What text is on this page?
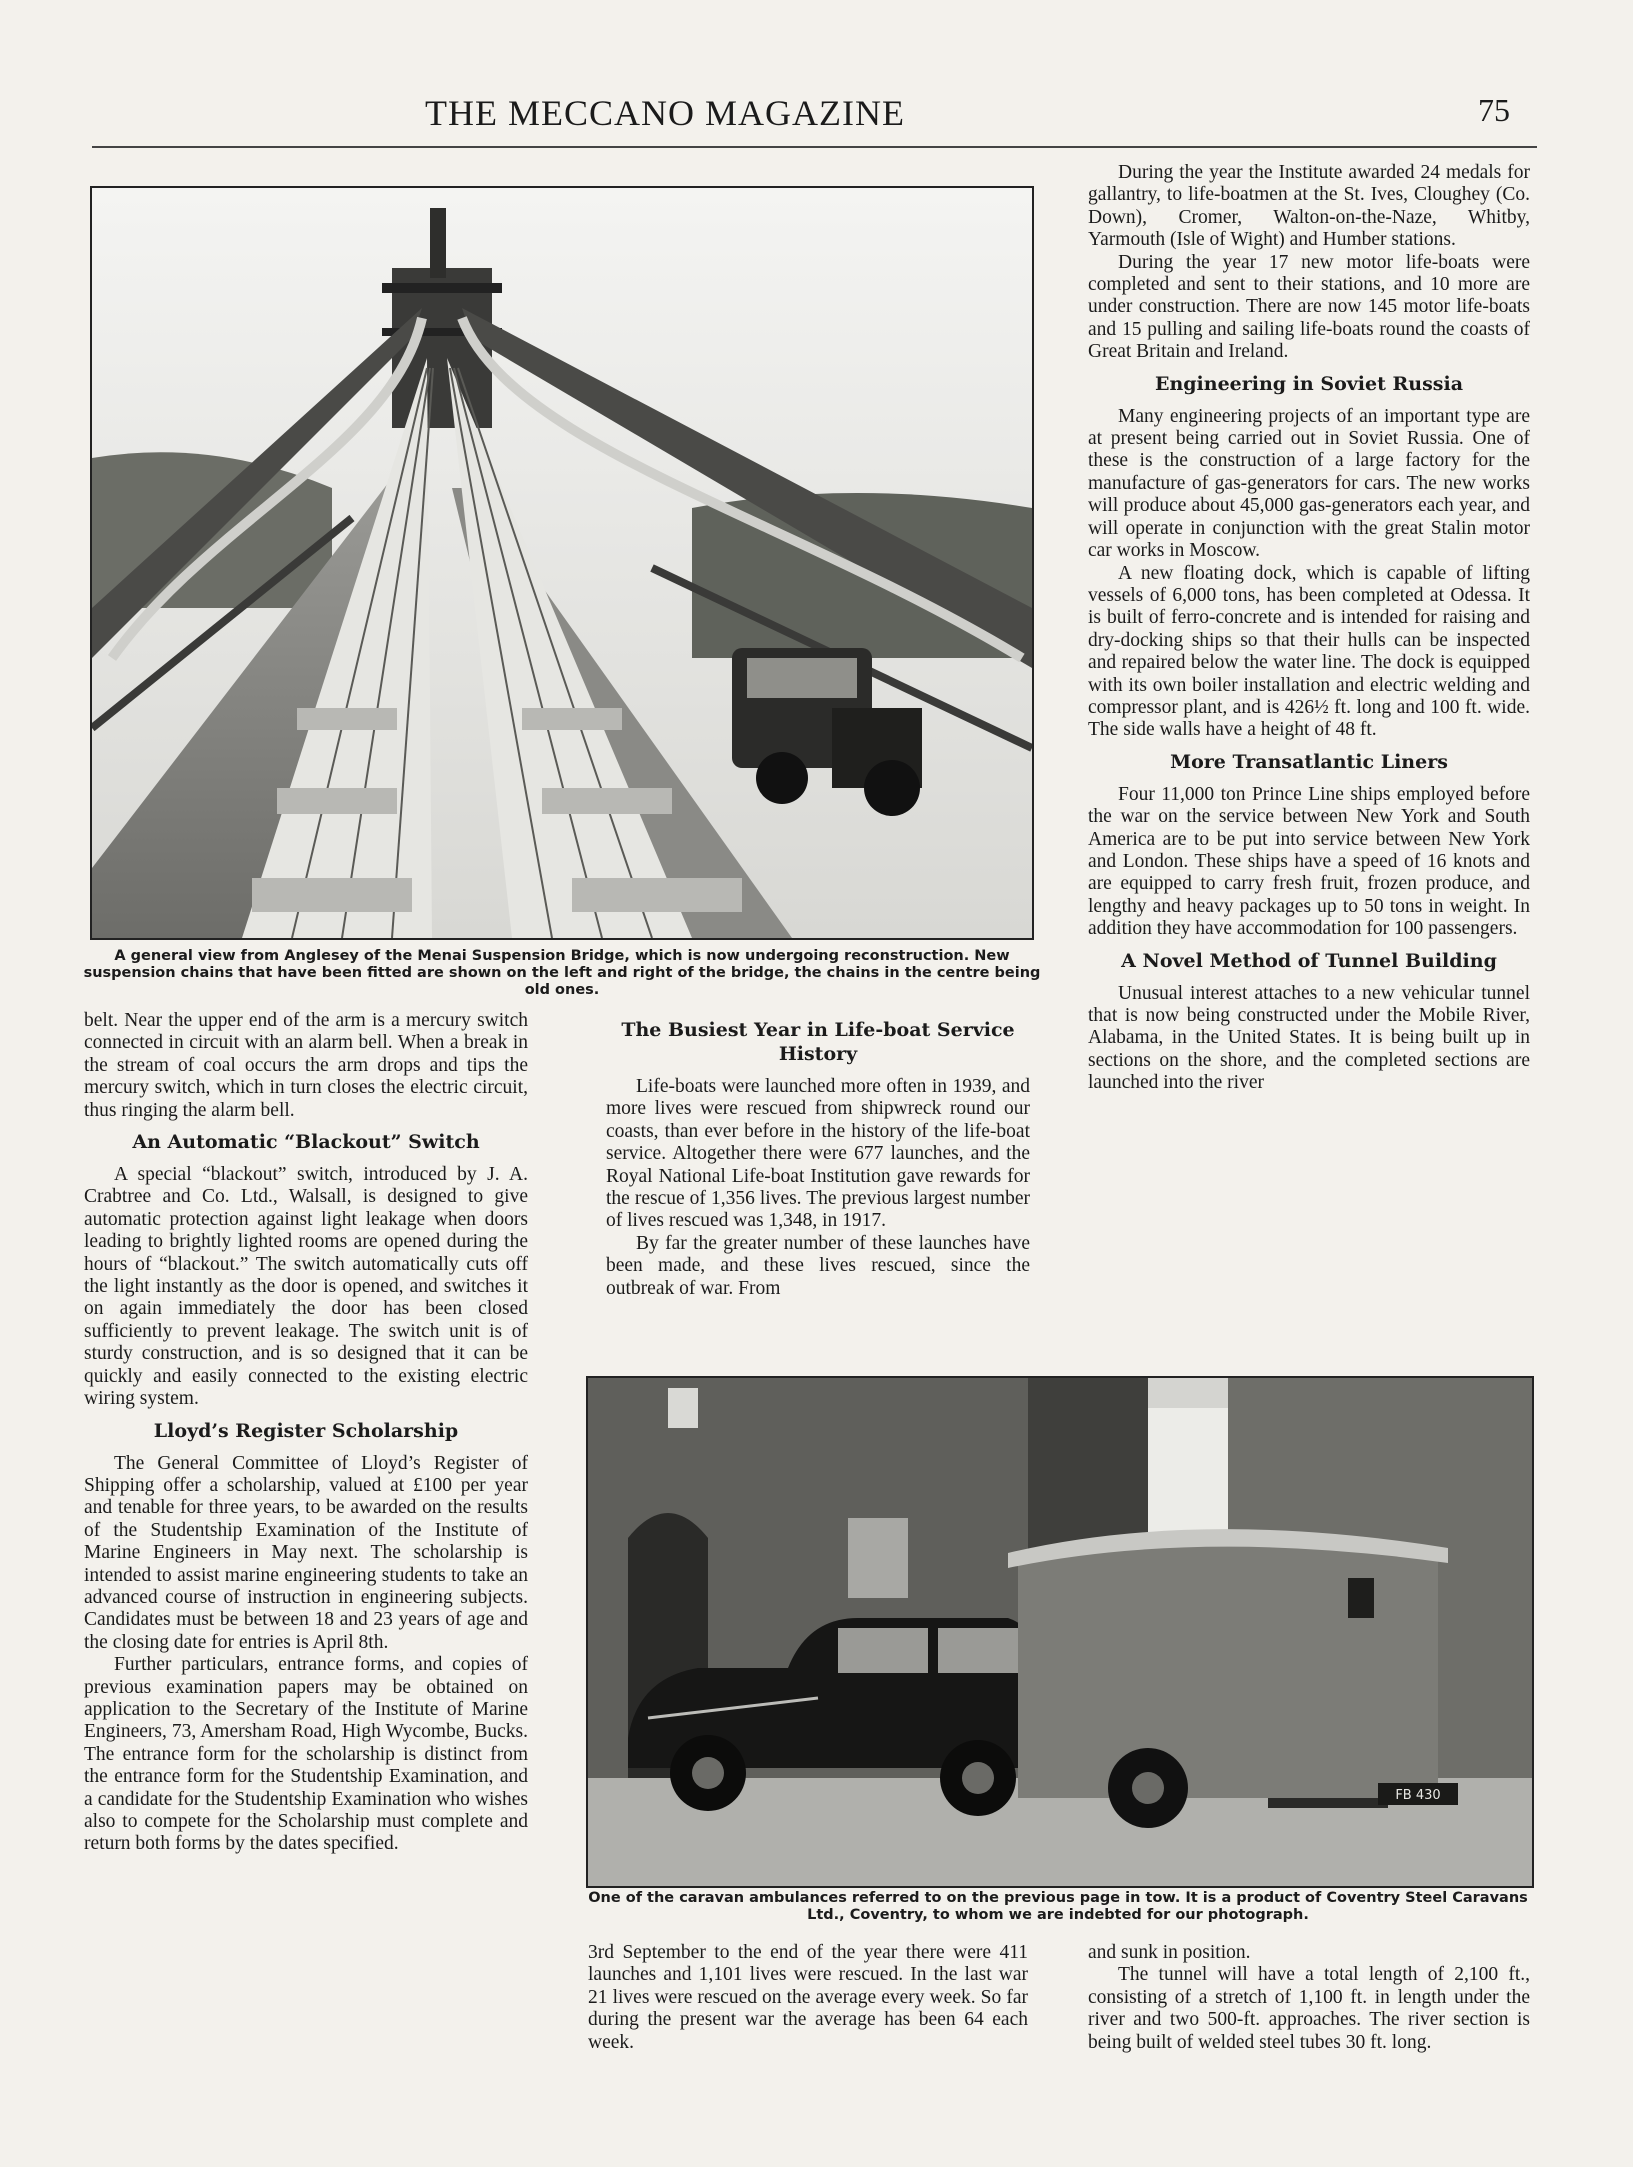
THE MECCANO MAGAZINE	75
A general view from Anglesey of the Menai Suspension Bridge, which is now undergoing reconstruction. New suspension chains that have been fitted are shown on the left and right of the bridge, the chains in the centre being old ones.

belt. Near the upper end of the arm is a mercury switch connected in circuit with an alarm bell. When a break in the stream of coal occurs the arm drops and tips the mercury switch, which in turn closes the electric circuit, thus ringing the alarm bell.

An Automatic “Blackout” Switch

A special “blackout” switch, introduced by J. A. Crabtree and Co. Ltd., Walsall, is designed to give automatic protection against light leakage when doors leading to brightly lighted rooms are opened during the hours of “blackout.” The switch automatically cuts off the light instantly as the door is opened, and switches it on again immediately the door has been closed sufficiently to prevent leakage. The switch unit is of sturdy construction, and is so designed that it can be quickly and easily connected to the existing electric wiring system.

Lloyd’s Register Scholarship

The General Committee of Lloyd’s Register of Shipping offer a scholarship, valued at £100 per year and tenable for three years, to be awarded on the results of the Studentship Examination of the Institute of Marine Engineers in May next. The scholarship is intended to assist marine engineering students to take an advanced course of instruction in engineering subjects. Candidates must be between 18 and 23 years of age and the closing date for entries is April 8th.

Further particulars, entrance forms, and copies of previous examination papers may be obtained on application to the Secretary of the Institute of Marine Engineers, 73, Amersham Road, High Wycombe, Bucks. The entrance form for the scholarship is distinct from the entrance form for the Studentship Examination, and a candidate for the Studentship Examination who wishes also to compete for the Scholarship must complete and return both forms by the dates specified.

The Busiest Year in Life-boat Service History

Life-boats were launched more often in 1939, and more lives were rescued from shipwreck round our coasts, than ever before in the history of the life-boat service. Altogether there were 677 launches, and the Royal National Life-boat Institution gave rewards for the rescue of 1,356 lives. The previous largest number of lives rescued was 1,348, in 1917.

By far the greater number of these launches have been made, and these lives rescued, since the outbreak of war. From

During the year the Institute awarded 24 medals for gallantry, to life-boatmen at the St. Ives, Cloughey (Co. Down), Cromer, Walton-on-the-Naze, Whitby, Yarmouth (Isle of Wight) and Humber stations.

During the year 17 new motor life-boats were completed and sent to their stations, and 10 more are under construction. There are now 145 motor life-boats and 15 pulling and sailing life-boats round the coasts of Great Britain and Ireland.

Engineering in Soviet Russia

Many engineering projects of an important type are at present being carried out in Soviet Russia. One of these is the construction of a large factory for the manufacture of gas-generators for cars. The new works will produce about 45,000 gas-generators each year, and will operate in conjunction with the great Stalin motor car works in Moscow.

A new floating dock, which is capable of lifting vessels of 6,000 tons, has been completed at Odessa. It is built of ferro-concrete and is intended for raising and dry-docking ships so that their hulls can be inspected and repaired below the water line. The dock is equipped with its own boiler installation and electric welding and compressor plant, and is 426½ ft. long and 100 ft. wide. The side walls have a height of 48 ft.

More Transatlantic Liners

Four 11,000 ton Prince Line ships employed before the war on the service between New York and South America are to be put into service between New York and London. These ships have a speed of 16 knots and are equipped to carry fresh fruit, frozen produce, and lengthy and heavy packages up to 50 tons in weight. In addition they have accommodation for 100 passengers.

A Novel Method of Tunnel Building

Unusual interest attaches to a new vehicular tunnel that is now being constructed under the Mobile River, Alabama, in the United States. It is being built up in sections on the shore, and the completed sections are launched into the river

FB 430
One of the caravan ambulances referred to on the previous page in tow. It is a product of Coventry Steel Caravans Ltd., Coventry, to whom we are indebted for our photograph.

3rd September to the end of the year there were 411 launches and 1,101 lives were rescued. In the last war 21 lives were rescued on the average every week. So far during the present war the average has been 64 each week.

and sunk in position.

The tunnel will have a total length of 2,100 ft., consisting of a stretch of 1,100 ft. in length under the river and two 500-ft. approaches. The river section is being built of welded steel tubes 30 ft. long.
